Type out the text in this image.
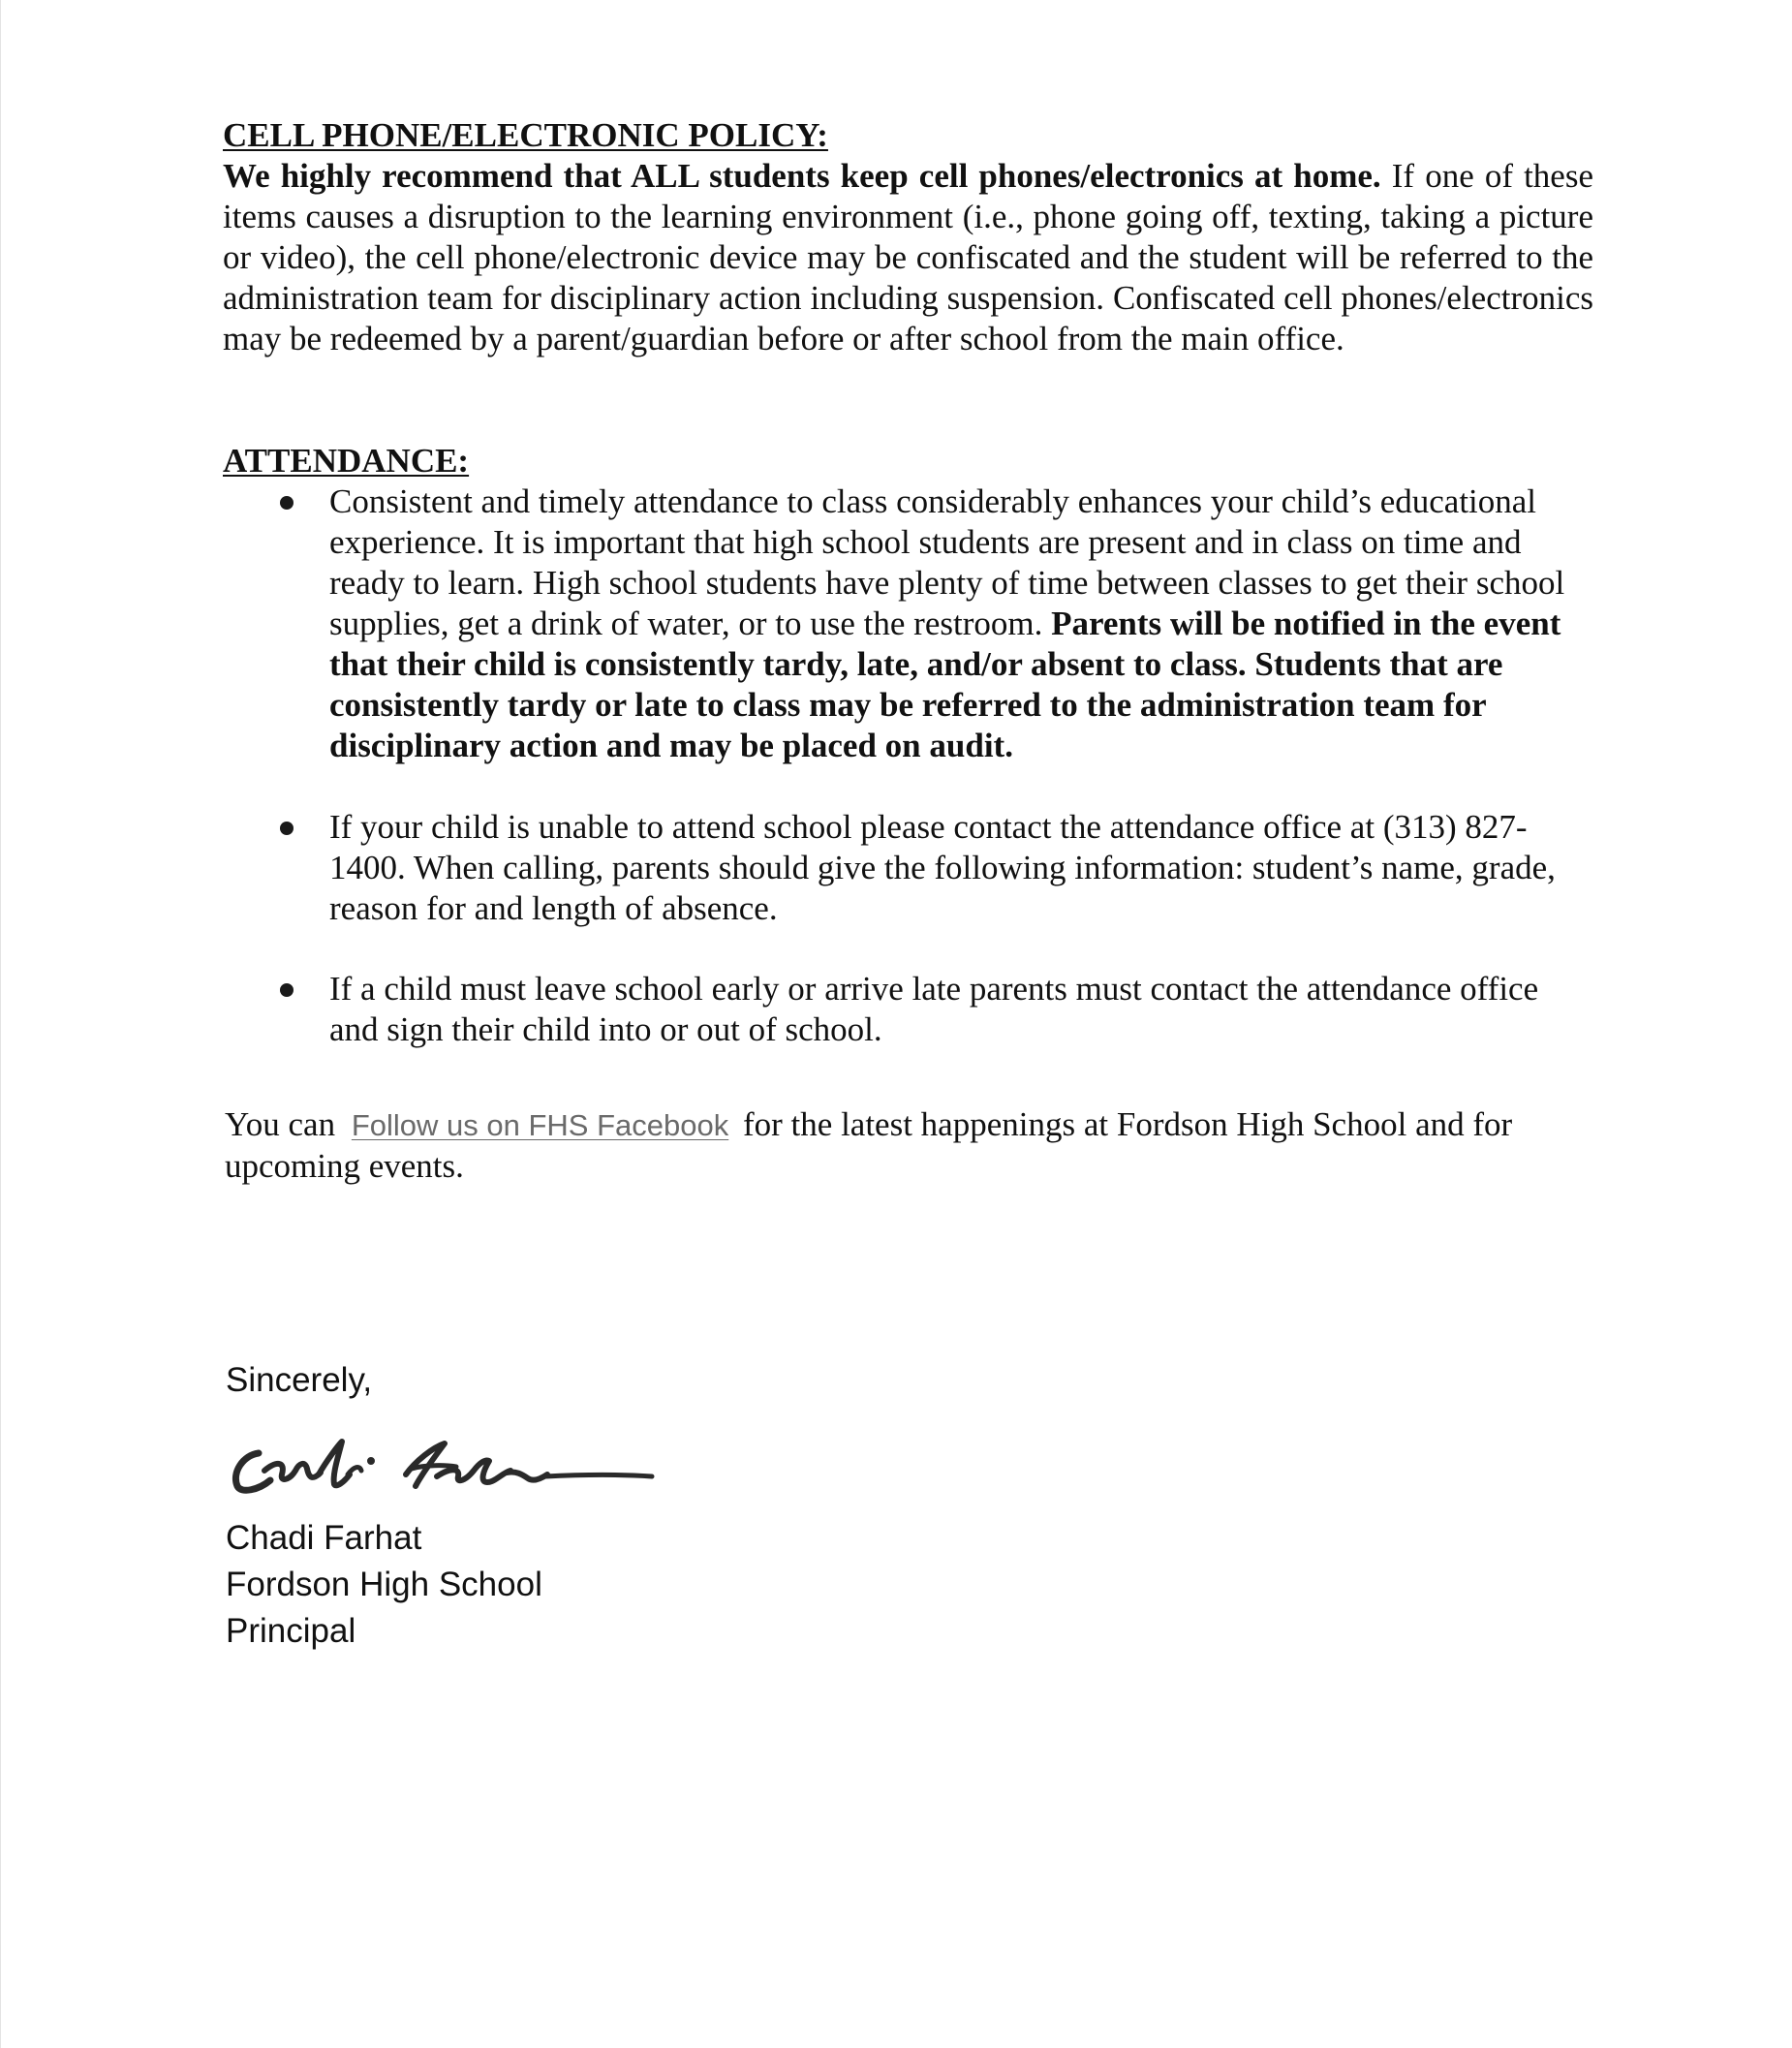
CELL PHONE/ELECTRONIC POLICY:
We highly recommend that ALL students keep cell phones/electronics at home. If one of these items causes a disruption to the learning environment (i.e., phone going off, texting, taking a picture or video), the cell phone/electronic device may be confiscated and the student will be referred to the administration team for disciplinary action including suspension. Confiscated cell phones/electronics may be redeemed by a parent/guardian before or after school from the main office.
ATTENDANCE:
Consistent and timely attendance to class considerably enhances your child’s educational experience. It is important that high school students are present and in class on time and ready to learn. High school students have plenty of time between classes to get their school supplies, get a drink of water, or to use the restroom. Parents will be notified in the event that their child is consistently tardy, late, and/or absent to class. Students that are consistently tardy or late to class may be referred to the administration team for disciplinary action and may be placed on audit.
If your child is unable to attend school please contact the attendance office at (313) 827-1400. When calling, parents should give the following information: student’s name, grade, reason for and length of absence.
If a child must leave school early or arrive late parents must contact the attendance office and sign their child into or out of school.
You can Follow us on FHS Facebook for the latest happenings at Fordson High School and for upcoming events.
Sincerely,
Chadi Farhat
Fordson High School
Principal
